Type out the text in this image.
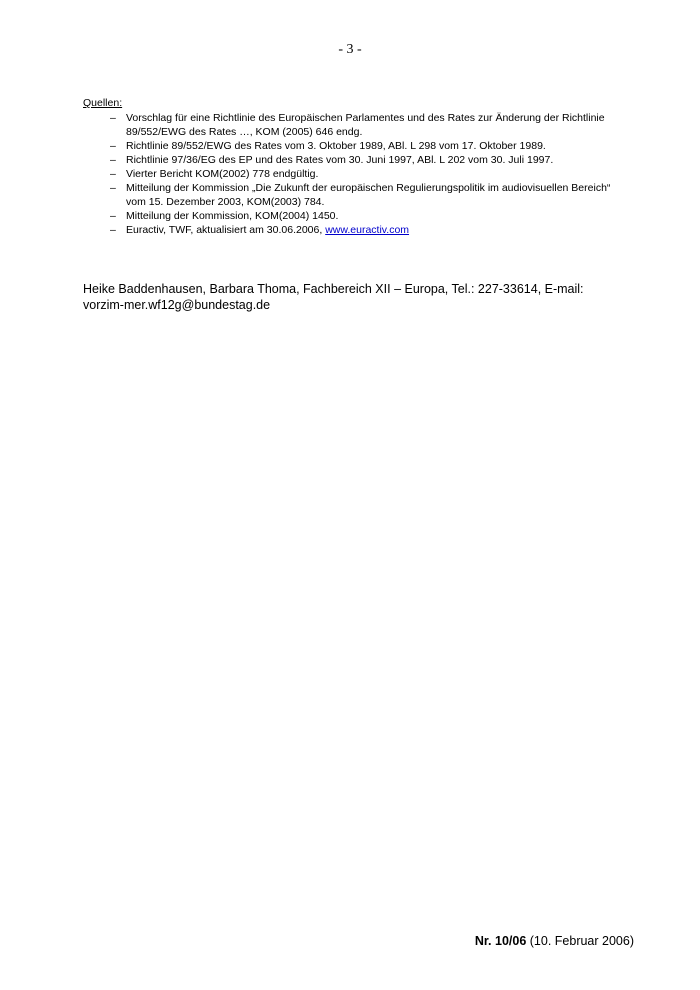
- 3 -
Quellen:
– Vorschlag für eine Richtlinie des Europäischen Parlamentes und des Rates zur Änderung der Richtlinie 89/552/EWG des Rates …, KOM (2005) 646 endg.
– Richtlinie 89/552/EWG des Rates vom 3. Oktober 1989, ABl. L 298 vom 17. Oktober 1989.
– Richtlinie 97/36/EG des EP und des Rates vom 30. Juni 1997, ABl. L 202 vom 30. Juli 1997.
– Vierter Bericht KOM(2002) 778 endgültig.
– Mitteilung der Kommission „Die Zukunft der europäischen Regulierungspolitik im audiovisuellen Bereich“ vom 15. Dezember 2003, KOM(2003) 784.
– Mitteilung der Kommission, KOM(2004) 1450.
– Euractiv, TWF, aktualisiert am 30.06.2006, www.euractiv.com
Heike Baddenhausen, Barbara Thoma, Fachbereich XII – Europa, Tel.: 227-33614, E-mail: vorzim-mer.wf12g@bundestag.de
Nr. 10/06 (10. Februar 2006)
